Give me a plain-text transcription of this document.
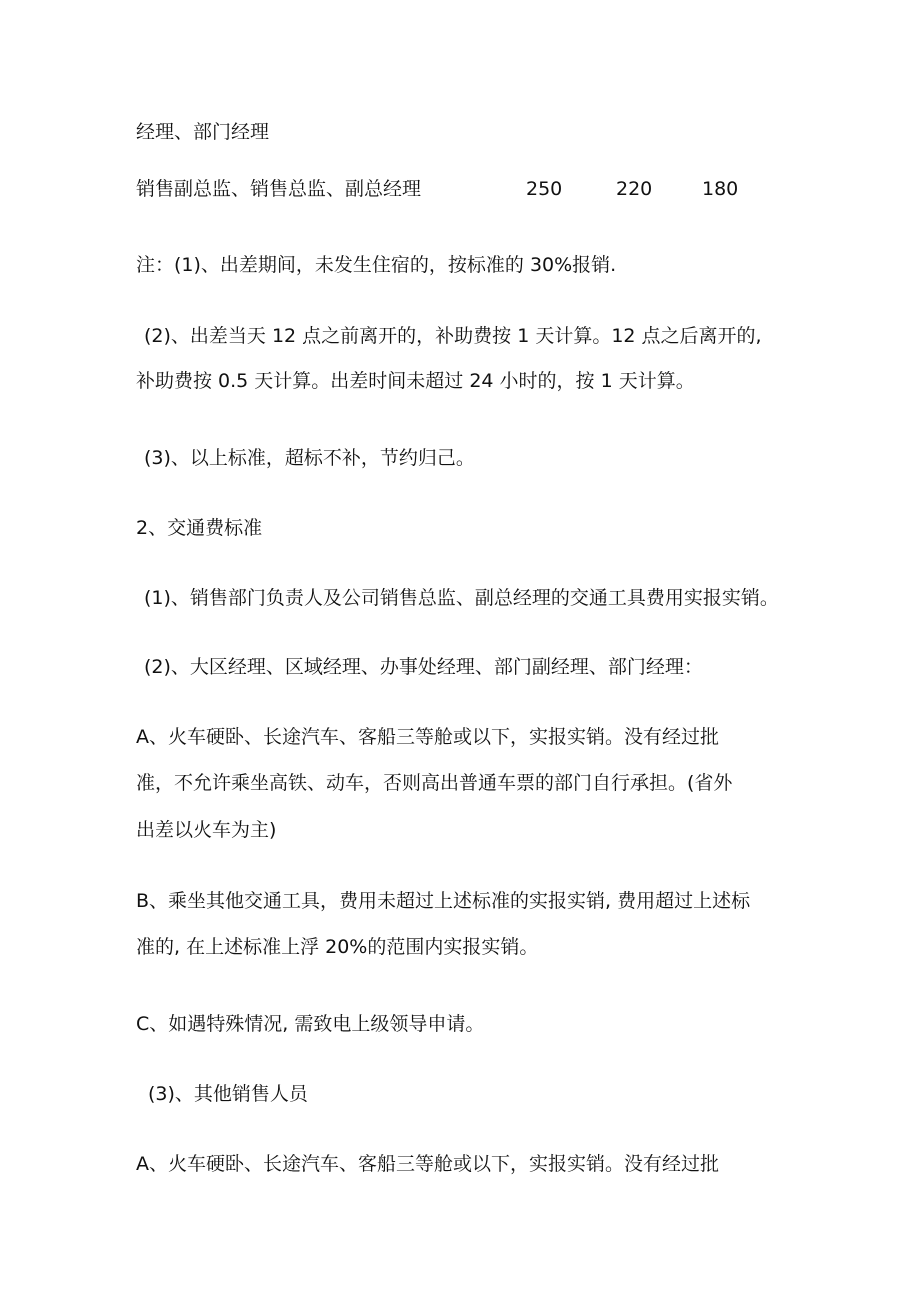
经理、部门经理
销售副总监、销售总监、副总经理	250	220	180
注：(1)、出差期间，未发生住宿的，按标准的 30%报销.
(2)、出差当天 12 点之前离开的，补助费按 1 天计算。12 点之后离开的,
补助费按 0.5 天计算。出差时间未超过 24 小时的，按 1 天计算。
(3)、以上标准，超标不补，节约归己。
2、交通费标准
(1)、销售部门负责人及公司销售总监、副总经理的交通工具费用实报实销。
(2)、大区经理、区域经理、办事处经理、部门副经理、部门经理：
A、火车硬卧、长途汽车、客船三等舱或以下，实报实销。没有经过批
准，不允许乘坐高铁、动车，否则高出普通车票的部门自行承担。(省外
出差以火车为主)
B、乘坐其他交通工具，费用未超过上述标准的实报实销, 费用超过上述标
准的, 在上述标准上浮 20%的范围内实报实销。
C、如遇特殊情况, 需致电上级领导申请。
(3)、其他销售人员
A、火车硬卧、长途汽车、客船三等舱或以下，实报实销。没有经过批
